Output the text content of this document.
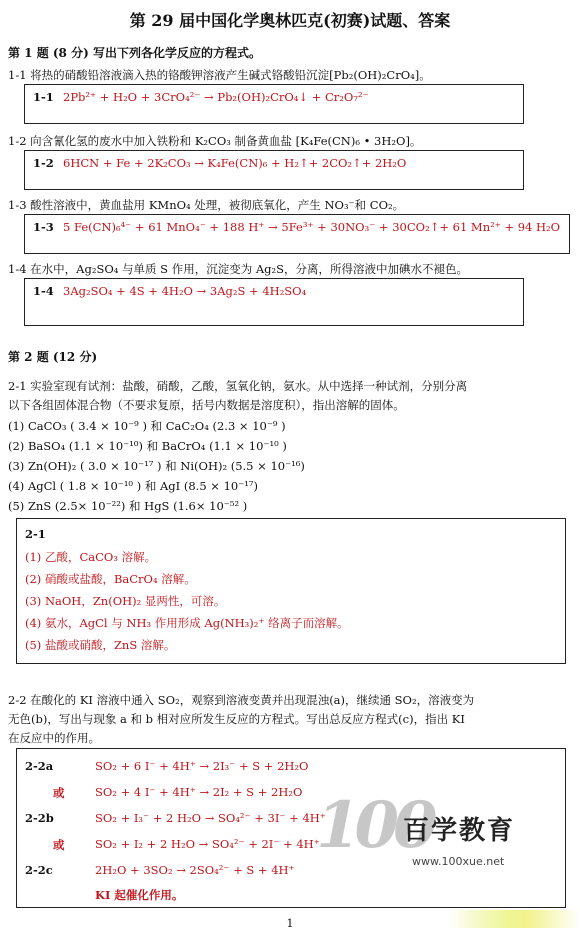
第 29 届中国化学奥林匹克(初赛)试题、答案
第 1 题 (8 分) 写出下列各化学反应的方程式。
1-1 将热的硝酸铅溶液滴入热的铬酸钾溶液产生碱式铬酸铅沉淀[Pb₂(OH)₂CrO₄]。
1-1 2Pb²⁺ + H₂O + 3CrO₄²⁻ → Pb₂(OH)₂CrO₄↓ + Cr₂O₇²⁻
1-2 向含氰化氢的废水中加入铁粉和 K₂CO₃ 制备黄血盐 [K₄Fe(CN)₆ • 3H₂O]。
1-2 6HCN + Fe + 2K₂CO₃ → K₄Fe(CN)₆ + H₂↑+ 2CO₂↑+ 2H₂O
1-3 酸性溶液中，黄血盐用 KMnO₄ 处理，被彻底氧化，产生 NO₃⁻和 CO₂。
1-3 5 Fe(CN)₆⁴⁻ + 61 MnO₄⁻ + 188 H⁺ → 5Fe³⁺ + 30NO₃⁻ + 30CO₂↑+ 61 Mn²⁺ + 94 H₂O
1-4 在水中，Ag₂SO₄ 与单质 S 作用，沉淀变为 Ag₂S，分离，所得溶液中加碘水不褪色。
1-4 3Ag₂SO₄ + 4S + 4H₂O → 3Ag₂S + 4H₂SO₄
第 2 题 (12 分)
2-1 实验室现有试剂：盐酸，硝酸，乙酸，氢氧化钠，氨水。从中选择一种试剂，分别分离
以下各组固体混合物（不要求复原，括号内数据是溶度积），指出溶解的固体。
(1) CaCO₃ ( 3.4 × 10⁻⁹ ) 和 CaC₂O₄ (2.3 × 10⁻⁹ )
(2) BaSO₄ (1.1 × 10⁻¹⁰) 和 BaCrO₄ (1.1 × 10⁻¹⁰ )
(3) Zn(OH)₂ ( 3.0 × 10⁻¹⁷ ) 和 Ni(OH)₂ (5.5 × 10⁻¹⁶)
(4) AgCl ( 1.8 × 10⁻¹⁰ ) 和 AgI (8.5 × 10⁻¹⁷)
(5) ZnS (2.5× 10⁻²²) 和 HgS (1.6× 10⁻⁵² )
2-1
(1) 乙酸，CaCO₃ 溶解。
(2) 硝酸或盐酸，BaCrO₄ 溶解。
(3) NaOH，Zn(OH)₂ 显两性，可溶。
(4) 氨水，AgCl 与 NH₃ 作用形成 Ag(NH₃)₂⁺ 络离子而溶解。
(5) 盐酸或硝酸，ZnS 溶解。
2-2 在酸化的 KI 溶液中通入 SO₂，观察到溶液变黄并出现混浊(a)，继续通 SO₂，溶液变为
无色(b)，写出与现象 a 和 b 相对应所发生反应的方程式。写出总反应方程式(c)，指出 KI
在反应中的作用。
2-2a	SO₂ + 6 I⁻ + 4H⁺ → 2I₃⁻ + S + 2H₂O
或	SO₂ + 4 I⁻ + 4H⁺ → 2I₂ + S + 2H₂O
2-2b	SO₂ + I₃⁻ + 2 H₂O → SO₄²⁻ + 3I⁻ + 4H⁺
或	SO₂ + I₂ + 2 H₂O → SO₄²⁻ + 2I⁻ + 4H⁺
2-2c	2H₂O + 3SO₂ → 2SO₄²⁻ + S + 4H⁺
KI 起催化作用。
100
百学教育
www.100xue.net
1
